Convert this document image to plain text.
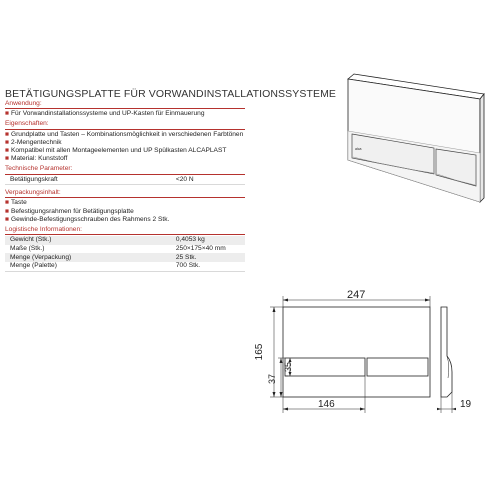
BETÄTIGUNGSPLATTE FÜR VORWANDINSTALLATIONSSYSTEME
Anwendung:
■ Für Vorwandinstallationssysteme und UP-Kasten für Einmauerung
Eigenschaften:
■ Grundplatte und Tasten – Kombinationsmöglichkeit in verschiedenen Farbtönen
■ 2-Mengentechnik
■ Kompatibel mit allen Montageelementen und UP Spülkasten ALCAPLAST
■ Material: Kunststoff
Technische Parameter:
Betätigungskraft	<20 N
Verpackungsinhalt:
■ Taste
■ Befestigungsrahmen für Betätigungsplatte
■ Gewinde-Befestigungsschrauben des Rahmens 2 Stk.
Logistische Informationen:
Gewicht (Stk.)	0,4053 kg
Maße (Stk.)	250×175×40 mm
Menge (Verpackung)	25 Stk.
Menge (Palette)	700 Stk.
alca
247
165
37
35
146	19
